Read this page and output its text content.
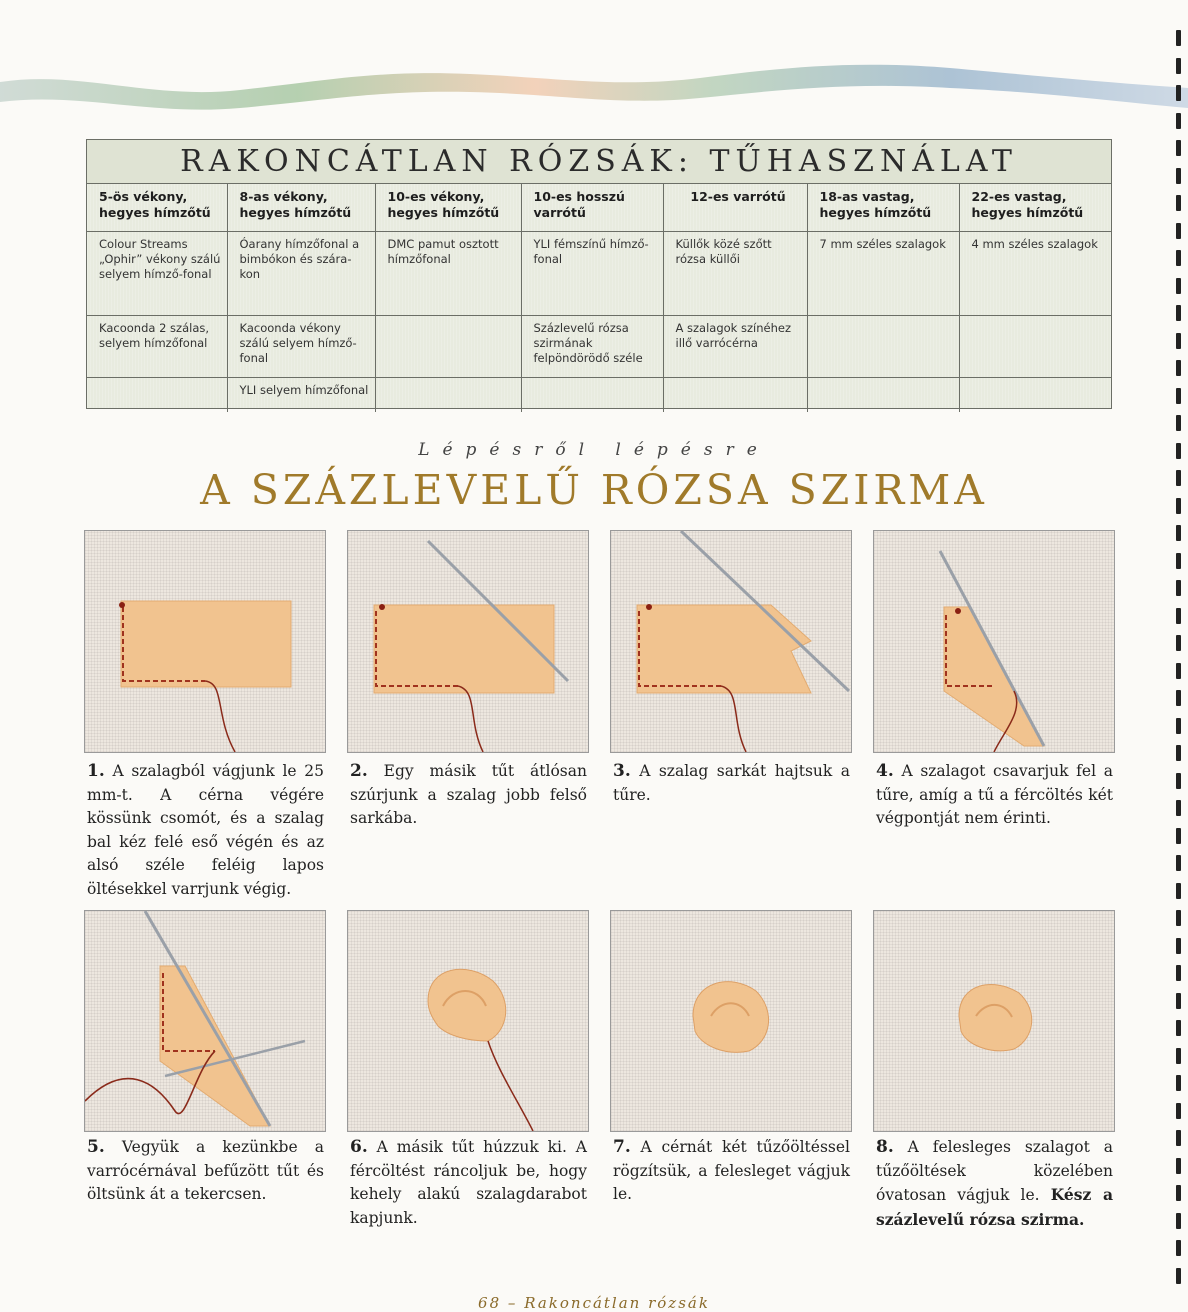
RAKONCÁTLAN RÓZSÁK: TŰHASZNÁLAT
5-ös vékony, hegyes hímzőtű	8-as vékony, hegyes hímzőtű	10-es vékony, hegyes hímzőtű	10-es hosszú varrótű	12-es varrótű	18-as vastag, hegyes hímzőtű	22-es vastag, hegyes hímzőtű
Colour Streams „Ophir” vékony szálú selyem hímző-fonal	Óarany hímzőfonal a bimbókon és szára-kon	DMC pamut osztott hímzőfonal	YLI fémszínű hímző-fonal	Küllők közé szőtt rózsa küllői	7 mm széles szalagok	4 mm széles szalagok
Kacoonda 2 szálas, selyem hímzőfonal	Kacoonda vékony szálú selyem hímző-fonal		Százlevelű rózsa szirmának felpöndörödő széle	A szalagok színéhez illő varrócérna		
	YLI selyem hímzőfonal					
Lépésről lépésre
A SZÁZLEVELŰ RÓZSA SZIRMA
1. A szalagból vágjunk le 25 mm-t. A cérna végére kössünk csomót, és a szalag bal kéz felé eső végén és az alsó széle feléig lapos öltésekkel varrjunk végig.
2. Egy másik tűt átlósan szúrjunk a szalag jobb felső sarkába.
3. A szalag sarkát hajtsuk a tűre.
4. A szalagot csavarjuk fel a tűre, amíg a tű a fércöltés két végpontját nem érinti.
5. Vegyük a kezünkbe a varrócérnával befűzött tűt és öltsünk át a tekercsen.
6. A másik tűt húzzuk ki. A fércöltést ráncoljuk be, hogy kehely alakú szalagdarabot kapjunk.
7. A cérnát két tűzőöltéssel rögzítsük, a felesleget vágjuk le.
8. A felesleges szalagot a tűzőöltések közelében óvatosan vágjuk le. Kész a százlevelű rózsa szirma.
68 – Rakoncátlan rózsák
